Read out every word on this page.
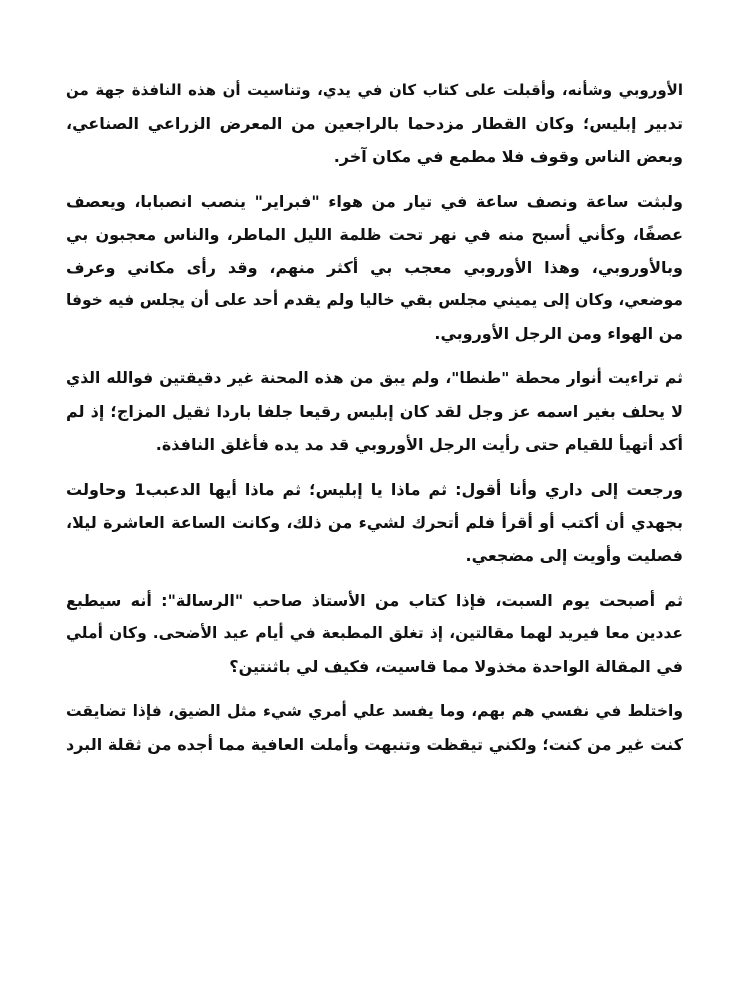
الأوروبي وشأنه، وأقبلت على كتاب كان في يدي، وتناسيت أن هذه النافذة جهة من
تدبير إبليس؛ وكان القطار مزدحما بالراجعين من المعرض الزراعي الصناعي،
وبعض الناس وقوف فلا مطمع في مكان آخر.
ولبثت ساعة ونصف ساعة في تيار من هواء "فبراير" ينصب انصبابا، ويعصف
عصفًا، وكأني أسبح منه في نهر تحت ظلمة الليل الماطر، والناس معجبون بي
وبالأوروبي، وهذا الأوروبي معجب بي أكثر منهم، وقد رأى مكاني وعرف
موضعي، وكان إلى يميني مجلس بقي خاليا ولم يقدم أحد على أن يجلس فيه خوفا
من الهواء ومن الرجل الأوروبي.
ثم تراءيت أنوار محطة "طنطا"، ولم يبق من هذه المحنة غير دقيقتين فوالله الذي
لا يحلف بغير اسمه عز وجل لقد كان إبليس رقيعا جلفا باردا ثقيل المزاج؛ إذ لم
أكد أتهيأ للقيام حتى رأيت الرجل الأوروبي قد مد يده فأغلق النافذة.
ورجعت إلى داري وأنا أقول: ثم ماذا يا إبليس؛ ثم ماذا أيها الدعبب1 وحاولت
بجهدي أن أكتب أو أقرأ فلم أتحرك لشيء من ذلك، وكانت الساعة العاشرة ليلا،
فصليت وأويت إلى مضجعي.
ثم أصبحت يوم السبت، فإذا كتاب من الأستاذ صاحب "الرسالة": أنه سيطبع
عددين معا فيريد لهما مقالتين، إذ تغلق المطبعة في أيام عيد الأضحى. وكان أملي
في المقالة الواحدة مخذولا مما قاسيت، فكيف لي باثنتين؟
واختلط في نفسي هم بهم، وما يفسد علي أمري شيء مثل الضيق، فإذا تضايقت
كنت غير من كنت؛ ولكني تيقظت وتنبهت وأملت العافية مما أجده من ثقلة البرد
